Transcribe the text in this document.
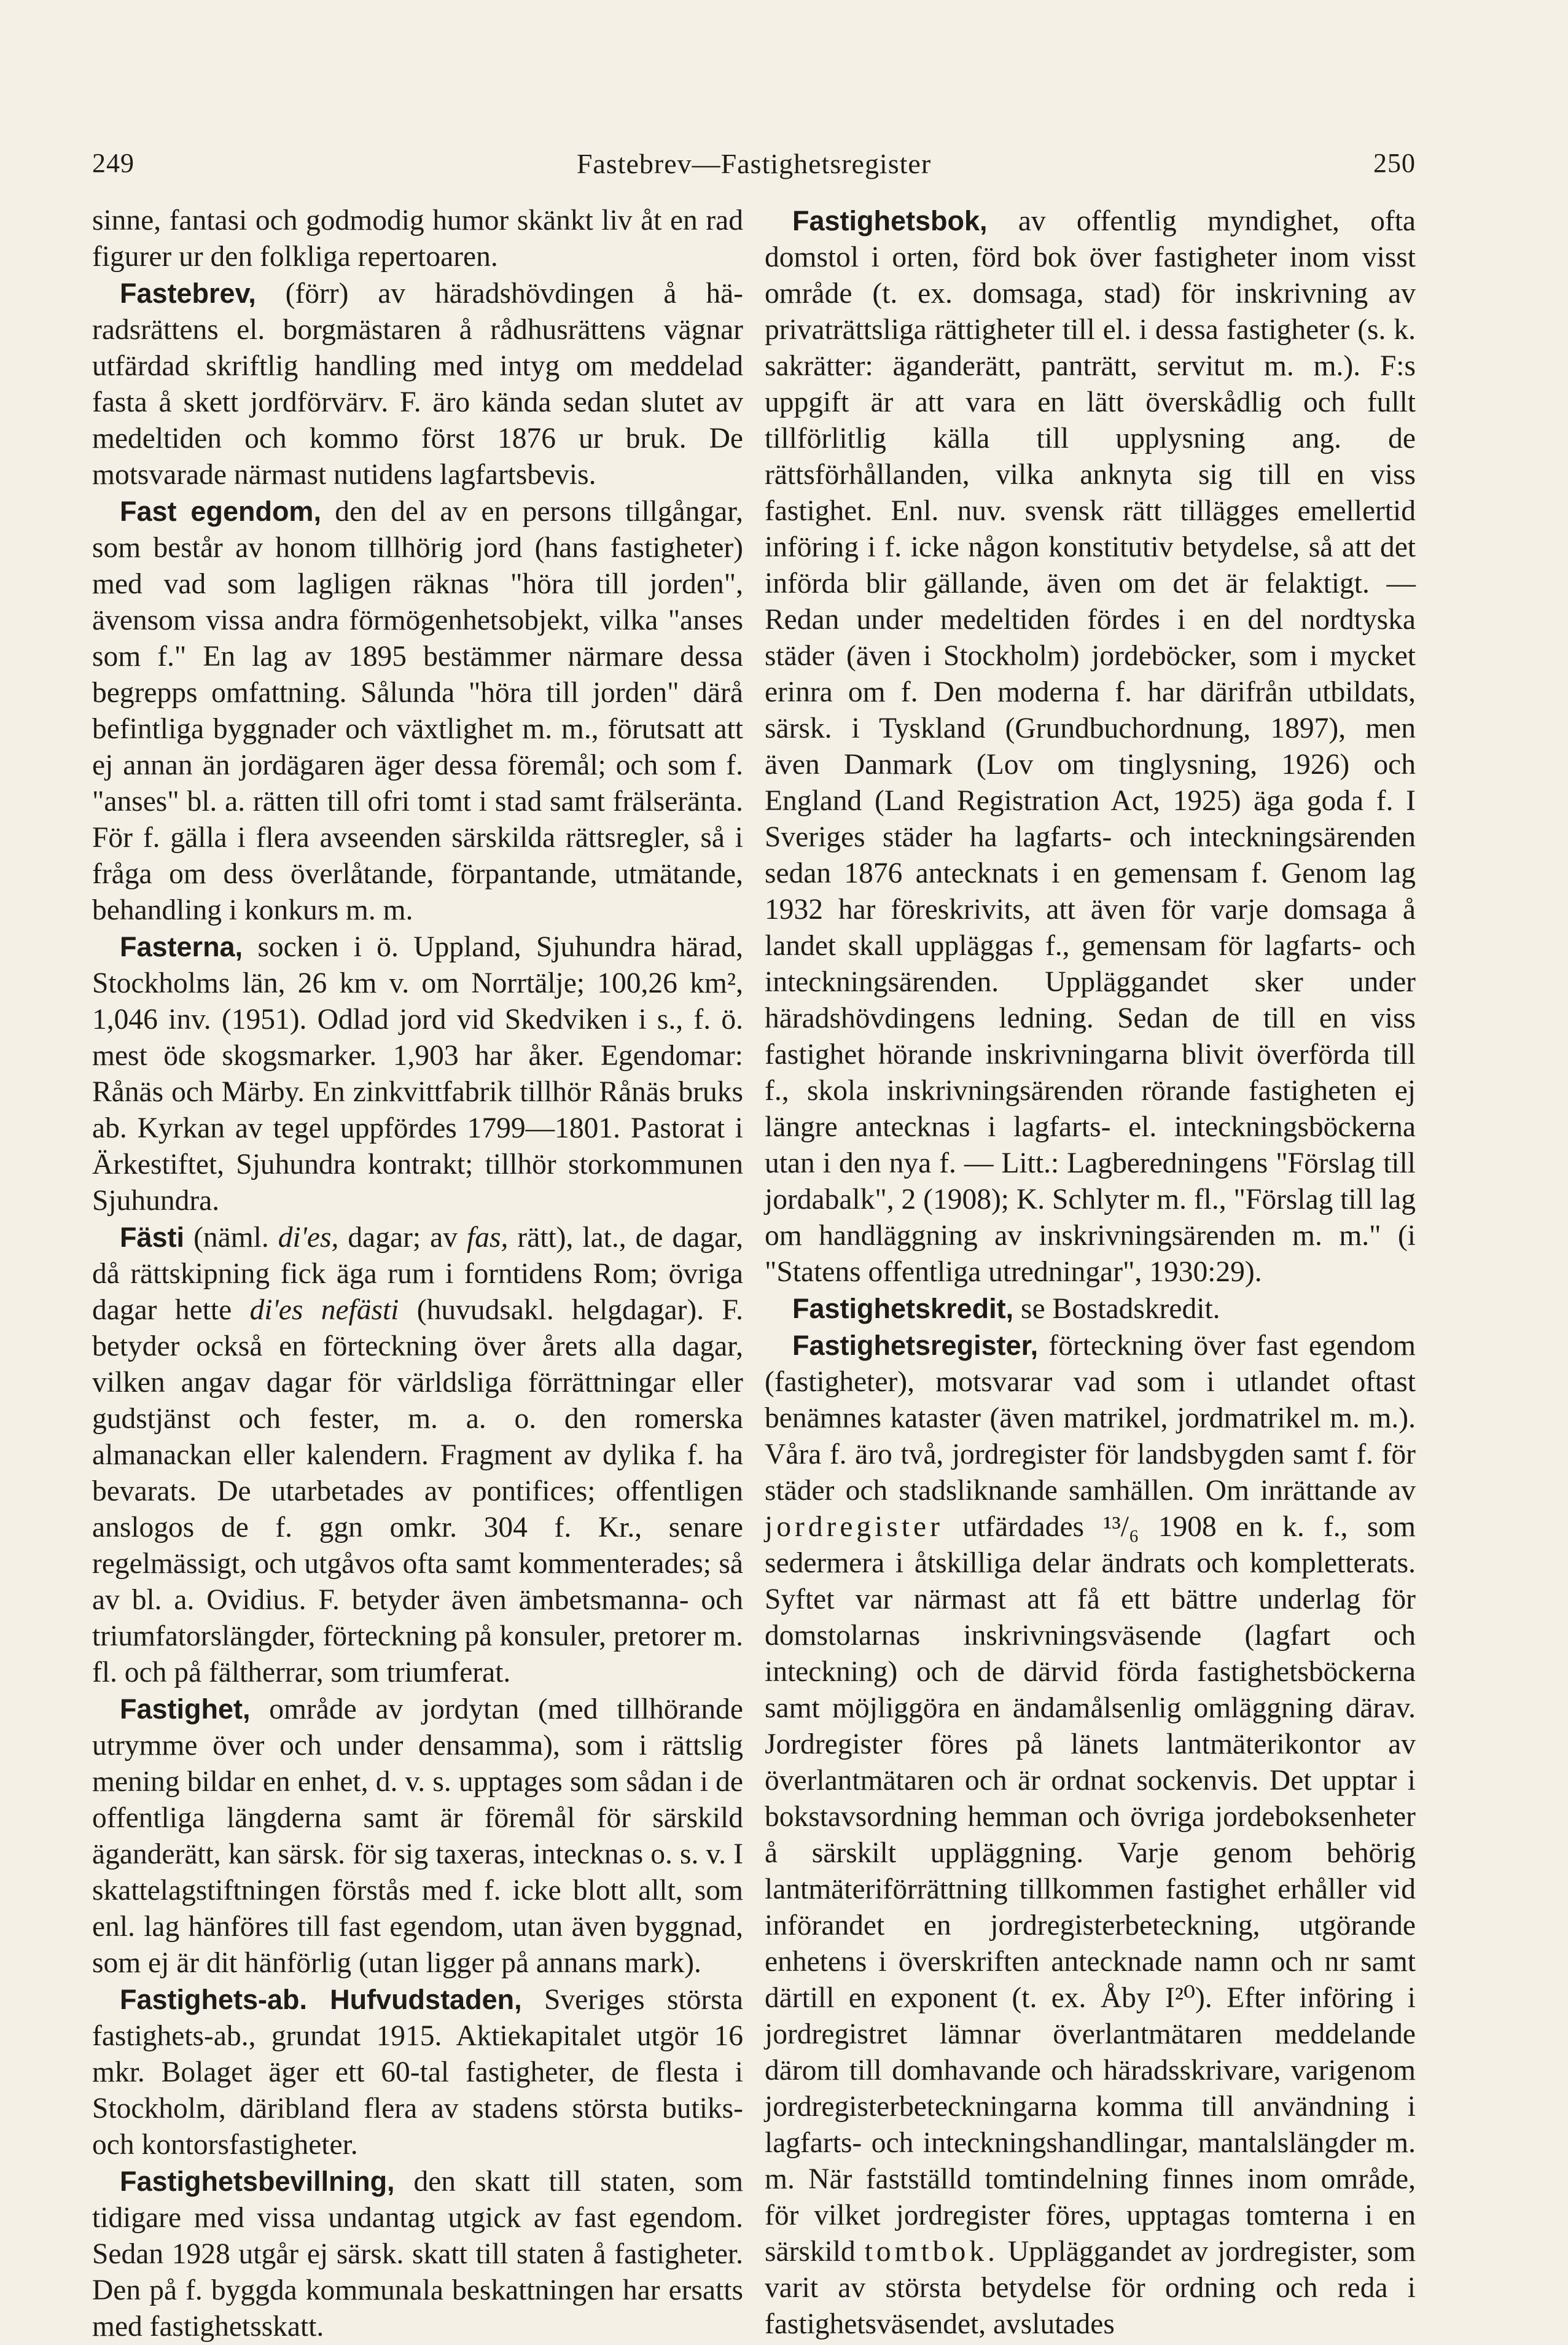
249	Fastebrev—Fastighetsregister	250

sinne, fantasi och godmodig humor skänkt liv åt en rad figurer ur den folkliga repertoaren.

Fastebrev, (förr) av häradshövdingen å häradsrättens el. borgmästaren å rådhusrättens vägnar utfärdad skriftlig handling med intyg om meddelad fasta å skett jordförvärv. F. äro kända sedan slutet av medeltiden och kommo först 1876 ur bruk. De motsvarade närmast nutidens lagfartsbevis.

Fast egendom, den del av en persons tillgångar, som består av honom tillhörig jord (hans fastigheter) med vad som lagligen räknas "höra till jorden", ävensom vissa andra förmögenhetsobjekt, vilka "anses som f." En lag av 1895 bestämmer närmare dessa begrepps omfattning. Sålunda "höra till jorden" därå befintliga byggnader och växtlighet m. m., förutsatt att ej annan än jordägaren äger dessa föremål; och som f. "anses" bl. a. rätten till ofri tomt i stad samt frälseränta. För f. gälla i flera avseenden särskilda rättsregler, så i fråga om dess överlåtande, förpantande, utmätande, behandling i konkurs m. m.

Fasterna, socken i ö. Uppland, Sjuhundra härad, Stockholms län, 26 km v. om Norrtälje; 100,26 km², 1,046 inv. (1951). Odlad jord vid Skedviken i s., f. ö. mest öde skogsmarker. 1,903 har åker. Egendomar: Rånäs och Märby. En zinkvittfabrik tillhör Rånäs bruks ab. Kyrkan av tegel uppfördes 1799—1801. Pastorat i Ärkestiftet, Sjuhundra kontrakt; tillhör storkommunen Sjuhundra.

Fästi (näml. di'es, dagar; av fas, rätt), lat., de dagar, då rättskipning fick äga rum i forntidens Rom; övriga dagar hette di'es nefästi (huvudsakl. helgdagar). F. betyder också en förteckning över årets alla dagar, vilken angav dagar för världsliga förrättningar eller gudstjänst och fester, m. a. o. den romerska almanackan eller kalendern. Fragment av dylika f. ha bevarats. De utarbetades av pontifices; offentligen anslogos de f. ggn omkr. 304 f. Kr., senare regelmässigt, och utgåvos ofta samt kommenterades; så av bl. a. Ovidius. F. betyder även ämbetsmanna- och triumfatorslängder, förteckning på konsuler, pretorer m. fl. och på fältherrar, som triumferat.

Fastighet, område av jordytan (med tillhörande utrymme över och under densamma), som i rättslig mening bildar en enhet, d. v. s. upptages som sådan i de offentliga längderna samt är föremål för särskild äganderätt, kan särsk. för sig taxeras, intecknas o. s. v. I skattelagstiftningen förstås med f. icke blott allt, som enl. lag hänföres till fast egendom, utan även byggnad, som ej är dit hänförlig (utan ligger på annans mark).

Fastighets-ab. Hufvudstaden, Sveriges största fastighets-ab., grundat 1915. Aktiekapitalet utgör 16 mkr. Bolaget äger ett 60-tal fastigheter, de flesta i Stockholm, däribland flera av stadens största butiks- och kontorsfastigheter.

Fastighetsbevillning, den skatt till staten, som tidigare med vissa undantag utgick av fast egendom. Sedan 1928 utgår ej särsk. skatt till staten å fastigheter. Den på f. byggda kommunala beskattningen har ersatts med fastighetsskatt.

Fastighetsbok, av offentlig myndighet, ofta domstol i orten, förd bok över fastigheter inom visst område (t. ex. domsaga, stad) för inskrivning av privaträttsliga rättigheter till el. i dessa fastigheter (s. k. sakrätter: äganderätt, panträtt, servitut m. m.). F:s uppgift är att vara en lätt överskådlig och fullt tillförlitlig källa till upplysning ang. de rättsförhållanden, vilka anknyta sig till en viss fastighet. Enl. nuv. svensk rätt tillägges emellertid införing i f. icke någon konstitutiv betydelse, så att det införda blir gällande, även om det är felaktigt. — Redan under medeltiden fördes i en del nordtyska städer (även i Stockholm) jordeböcker, som i mycket erinra om f. Den moderna f. har därifrån utbildats, särsk. i Tyskland (Grundbuchordnung, 1897), men även Danmark (Lov om tinglysning, 1926) och England (Land Registration Act, 1925) äga goda f. I Sveriges städer ha lagfarts- och inteckningsärenden sedan 1876 antecknats i en gemensam f. Genom lag 1932 har föreskrivits, att även för varje domsaga å landet skall uppläggas f., gemensam för lagfarts- och inteckningsärenden. Uppläggandet sker under häradshövdingens ledning. Sedan de till en viss fastighet hörande inskrivningarna blivit överförda till f., skola inskrivningsärenden rörande fastigheten ej längre antecknas i lagfarts- el. inteckningsböckerna utan i den nya f. — Litt.: Lagberedningens "Förslag till jordabalk", 2 (1908); K. Schlyter m. fl., "Förslag till lag om handläggning av inskrivningsärenden m. m." (i "Statens offentliga utredningar", 1930:29).

Fastighetskredit, se Bostadskredit.

Fastighetsregister, förteckning över fast egendom (fastigheter), motsvarar vad som i utlandet oftast benämnes kataster (även matrikel, jordmatrikel m. m.). Våra f. äro två, jordregister för landsbygden samt f. för städer och stadsliknande samhällen. Om inrättande av jordregister utfärdades ¹³/₆ 1908 en k. f., som sedermera i åtskilliga delar ändrats och kompletterats. Syftet var närmast att få ett bättre underlag för domstolarnas inskrivningsväsende (lagfart och inteckning) och de därvid förda fastighetsböckerna samt möjliggöra en ändamålsenlig omläggning därav. Jordregister föres på länets lantmäterikontor av överlantmätaren och är ordnat sockenvis. Det upptar i bokstavsordning hemman och övriga jordeboksenheter å särskilt uppläggning. Varje genom behörig lantmäteriförrättning tillkommen fastighet erhåller vid införandet en jordregisterbeteckning, utgörande enhetens i överskriften antecknade namn och nr samt därtill en exponent (t. ex. Åby I²⁰). Efter införing i jordregistret lämnar överlantmätaren meddelande därom till domhavande och häradsskrivare, varigenom jordregisterbeteckningarna komma till användning i lagfarts- och inteckningshandlingar, mantalslängder m. m. När fastställd tomtindelning finnes inom område, för vilket jordregister föres, upptagas tomterna i en särskild tomtbok. Uppläggandet av jordregister, som varit av största betydelse för ordning och reda i fastighetsväsendet, avslutades
